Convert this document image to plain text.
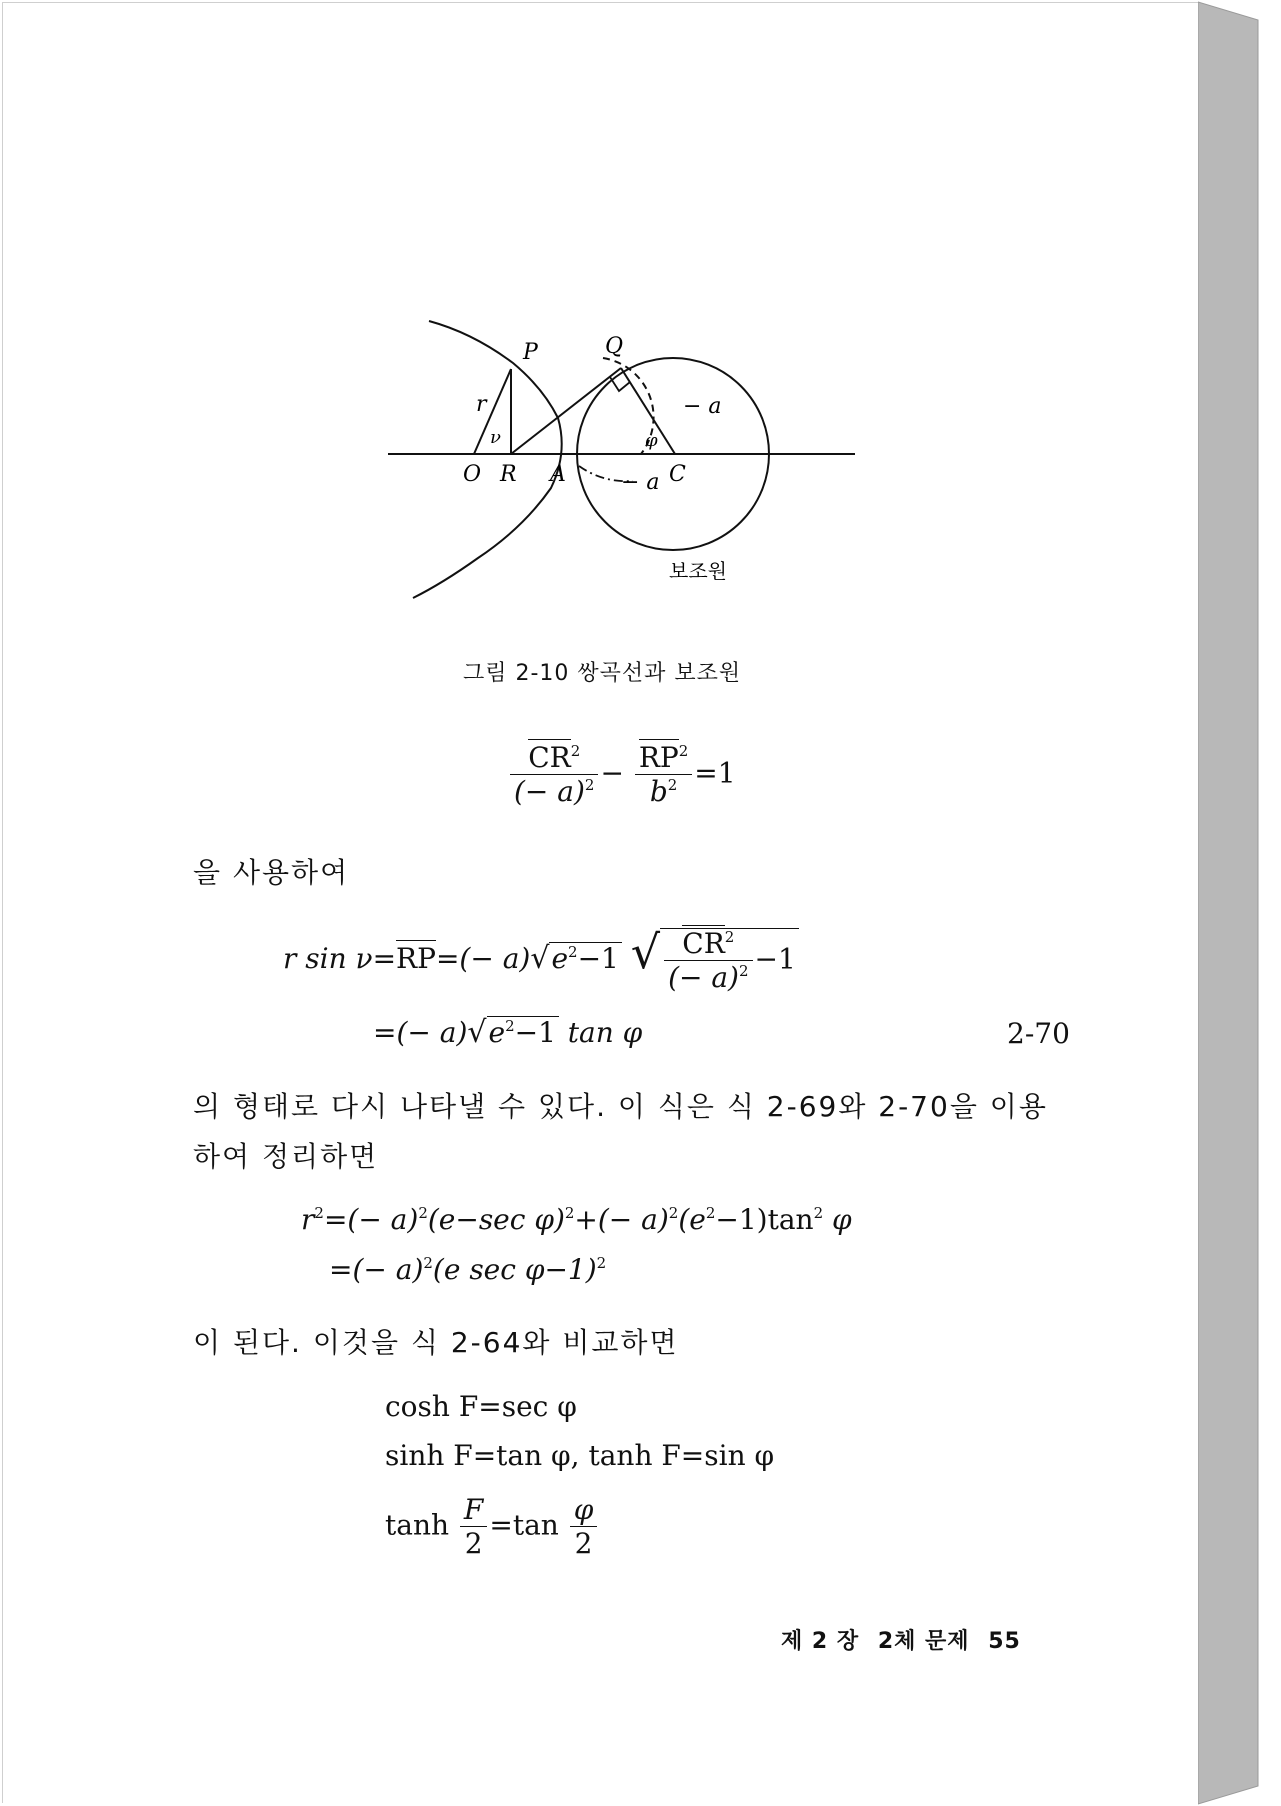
P	Q
r
ν
− a
φ
O R A	− a C
보조원
그림 2-10 쌍곡선과 보조원
$\frac{CR^2}{(- a)^2} - \frac{RP^2}{b^2} =1$
을 사용하여
r $\sin \nu=RP=(- a)√e^2-1$ √ $\frac{CR^2}{(- a)^2} -1$
=(− $a)√e^2-1$ tan φ	2-70
의 형태로 다시 나타낼 수 있다. 이 식은 식 2-69와 2-70을 이용
하여 정리하면
$r^2=(- a)^2(e-\sec$ $\varphi)^2+(- a)^2(e^2-1)\tan^2$ φ
=(− a)$^2$(e sec φ−1)$^2$
이 된다. 이것을 식 2-64와 비교하면
cosh F=sec φ
sinh F=tan φ, tanh F=sin φ
$\tanh \frac{F}{2} =\tan \frac{\varphi}{2}$
제 2 장 2체 문제 55
